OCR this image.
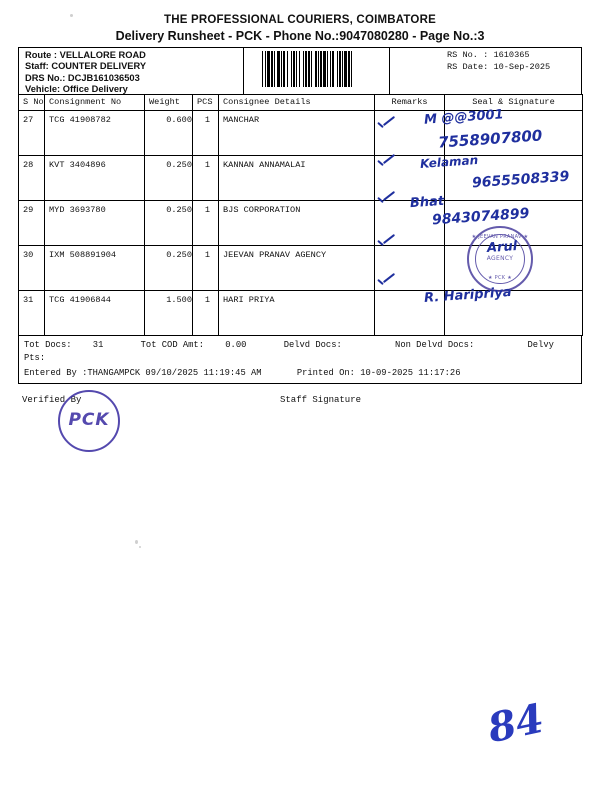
THE PROFESSIONAL COURIERS, COIMBATORE
Delivery Runsheet - PCK - Phone No.:9047080280 - Page No.:3
Route : VELLALORE ROAD
Staff: COUNTER DELIVERY
DRS No.: DCJB161036503
Vehicle: Office Delivery
RS No. : 1610365
RS Date: 10-Sep-2025
S No	Consignment No	Weight	PCS	Consignee Details	Remarks	Seal & Signature
27	TCG 41908782	0.600	1	MANCHAR		
28	KVT 3404896	0.250	1	KANNAN ANNAMALAI		
29	MYD 3693780	0.250	1	BJS CORPORATION		
30	IXM 508891904	0.250	1	JEEVAN PRANAV AGENCY		
31	TCG 41906844	1.500	1	HARI PRIYA		
Tot Docs: 31	Tot COD Amt: 0.00	Delvd Docs:	Non Delvd Docs:	Delvy Pts:
Entered By :THANGAMPCK 09/10/2025 11:19:45 AM	Printed On: 10-09-2025 11:17:26
Verified By	Staff Signature
M @@3001
7558907800
Kelaman
9655508339
Bhat
9843074899
★ JEEVAN PRANAV ★
AGENCY
★ PCK ★
Arul
R. Haripriya
PCK
84
